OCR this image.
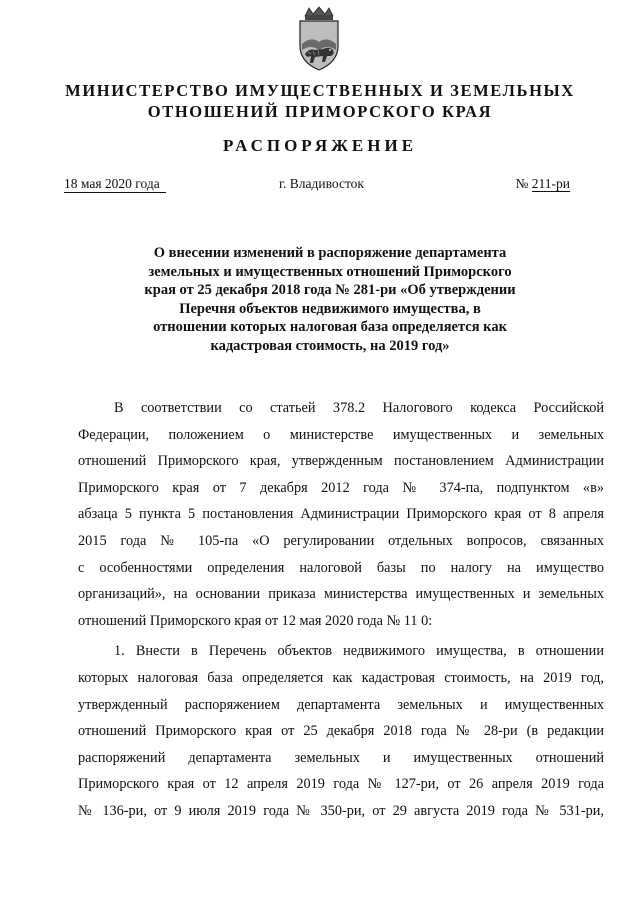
МИНИСТЕРСТВО ИМУЩЕСТВЕННЫХ И ЗЕМЕЛЬНЫХ
ОТНОШЕНИЙ ПРИМОРСКОГО КРАЯ
РАСПОРЯЖЕНИЕ
18 мая 2020 года	г. Владивосток	№ 211-ри
О внесении изменений в распоряжение департамента
земельных и имущественных отношений Приморского
края от 25 декабря 2018 года № 281-ри «Об утверждении
Перечня объектов недвижимого имущества, в
отношении которых налоговая база определяется как
кадастровая стоимость, на 2019 год»

В соответствии со статьей 378.2 Налогового кодекса Российской
Федерации, положением о министерстве имущественных и земельных
отношений Приморского края, утвержденным постановлением Администрации
Приморского края от 7 декабря 2012 года № 374-па, подпунктом «в»
абзаца 5 пункта 5 постановления Администрации Приморского края от 8 апреля
2015 года № 105-па «О регулировании отдельных вопросов, связанных
с особенностями определения налоговой базы по налогу на имущество
организаций», на основании приказа министерства имущественных и земельных
отношений Приморского края от 12 мая 2020 года № 11 0:

1. Внести в Перечень объектов недвижимого имущества, в отношении
которых налоговая база определяется как кадастровая стоимость, на 2019 год,
утвержденный распоряжением департамента земельных и имущественных
отношений Приморского края от 25 декабря 2018 года № 28-ри (в редакции
распоряжений департамента земельных и имущественных отношений
Приморского края от 12 апреля 2019 года № 127-ри, от 26 апреля 2019 года
№ 136-ри, от 9 июля 2019 года № 350-ри, от 29 августа 2019 года № 531-ри,
